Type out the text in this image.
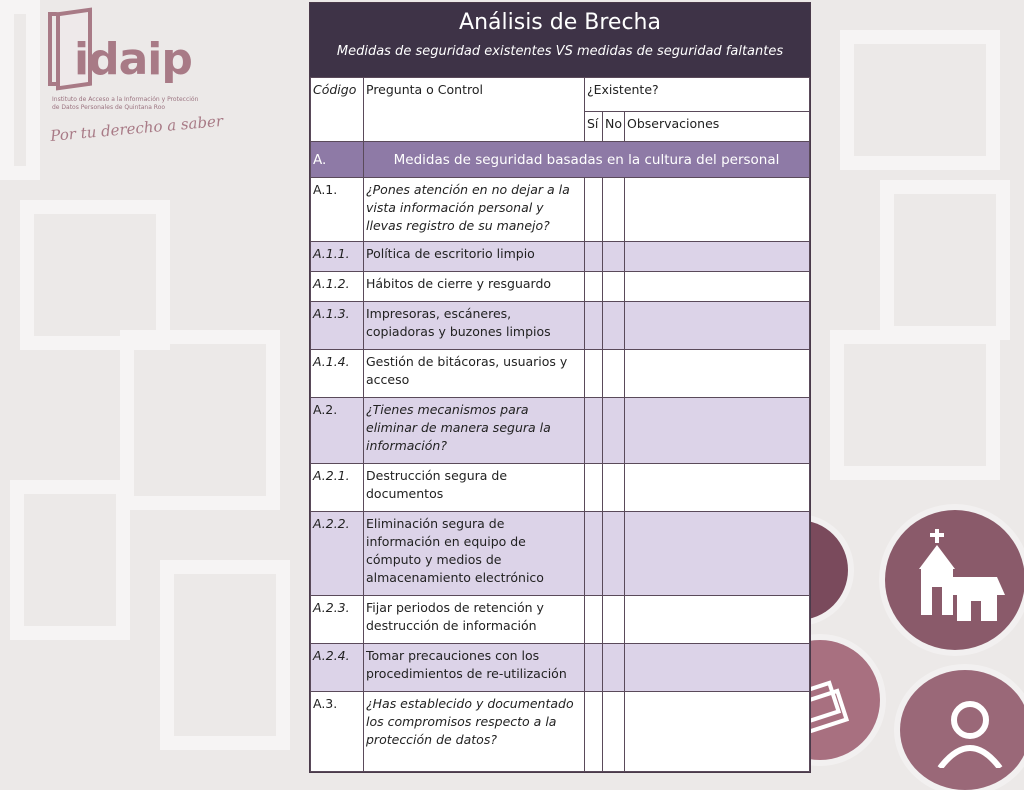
idaip
Instituto de Acceso a la Información y Protección de Datos Personales de Quintana Roo
Por tu derecho a saber
Análisis de Brecha
Medidas de seguridad existentes VS medidas de seguridad faltantes
Código	Pregunta o Control	¿Existente?		
		Sí	No	Observaciones
A.	Medidas de seguridad basadas en la cultura del personal			
A.1.	¿Pones atención en no dejar a la vista información personal y llevas registro de su manejo?			
A.1.1.	Política de escritorio limpio			
A.1.2.	Hábitos de cierre y resguardo			
A.1.3.	Impresoras, escáneres, copiadoras y buzones limpios			
A.1.4.	Gestión de bitácoras, usuarios y acceso			
A.2.	¿Tienes mecanismos para eliminar de manera segura la información?			
A.2.1.	Destrucción segura de documentos			
A.2.2.	Eliminación segura de información en equipo de cómputo y medios de almacenamiento electrónico			
A.2.3.	Fijar periodos de retención y destrucción de información			
A.2.4.	Tomar precauciones con los procedimientos de re-utilización			
A.3.	¿Has establecido y documentado los compromisos respecto a la protección de datos?			
